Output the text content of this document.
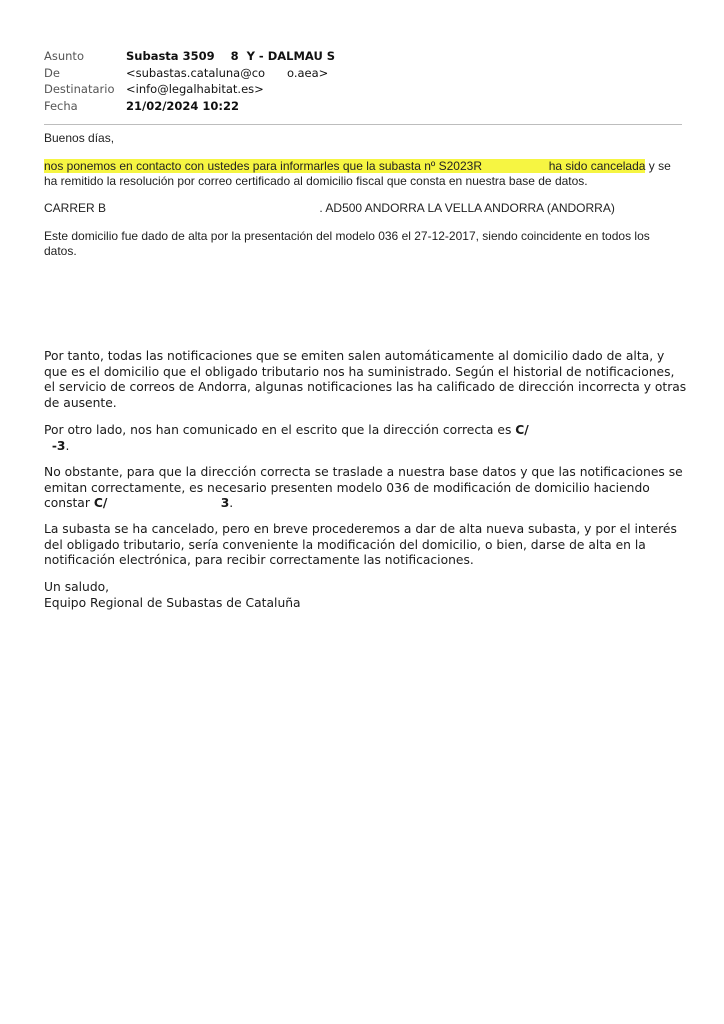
Asunto	Subasta 3509    8  Y - DALMAU S
De	<subastas.cataluna@co      o.aea>
Destinatario	<info@legalhabitat.es>
Fecha	21/02/2024 10:22

Buenos días,

nos ponemos en contacto con ustedes para informarles que la subasta nº S2023R	ha sido cancelada y se ha remitido la resolución por correo certificado al domicilio fiscal que consta en nuestra base de datos.

CARRER B	. AD500 ANDORRA LA VELLA ANDORRA (ANDORRA)

Este domicilio fue dado de alta por la presentación del modelo 036 el 27-12-2017, siendo coincidente en todos los datos.

Por tanto, todas las notificaciones que se emiten salen automáticamente al domicilio dado de alta, y que es el domicilio que el obligado tributario nos ha suministrado. Según el historial de notificaciones, el servicio de correos de Andorra, algunas notificaciones las ha calificado de dirección incorrecta y otras de ausente.

Por otro lado, nos han comunicado en el escrito que la dirección correcta es C/
-3.

No obstante, para que la dirección correcta se traslade a nuestra base datos y que las notificaciones se emitan correctamente, es necesario presenten modelo 036 de modificación de domicilio haciendo constar C/	3.

La subasta se ha cancelado, pero en breve procederemos a dar de alta nueva subasta, y por el interés del obligado tributario, sería conveniente la modificación del domicilio, o bien, darse de alta en la notificación electrónica, para recibir correctamente las notificaciones.

Un saludo,

Equipo Regional de Subastas de Cataluña
